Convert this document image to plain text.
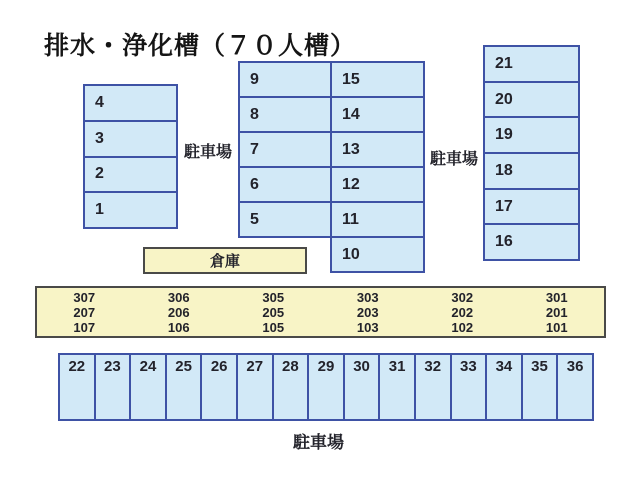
排水・浄化槽（７０人槽）
4
3
2
1
駐車場
9
8
7
6
5
15
14
13
12
11
10
駐車場
21
20
19
18
17
16
倉庫
307	306	305	303	302	301
207	206	205	203	202	201
107	106	105	103	102	101
22	23	24	25	26	27	28	29	30	31	32	33	34	35	36
駐車場
